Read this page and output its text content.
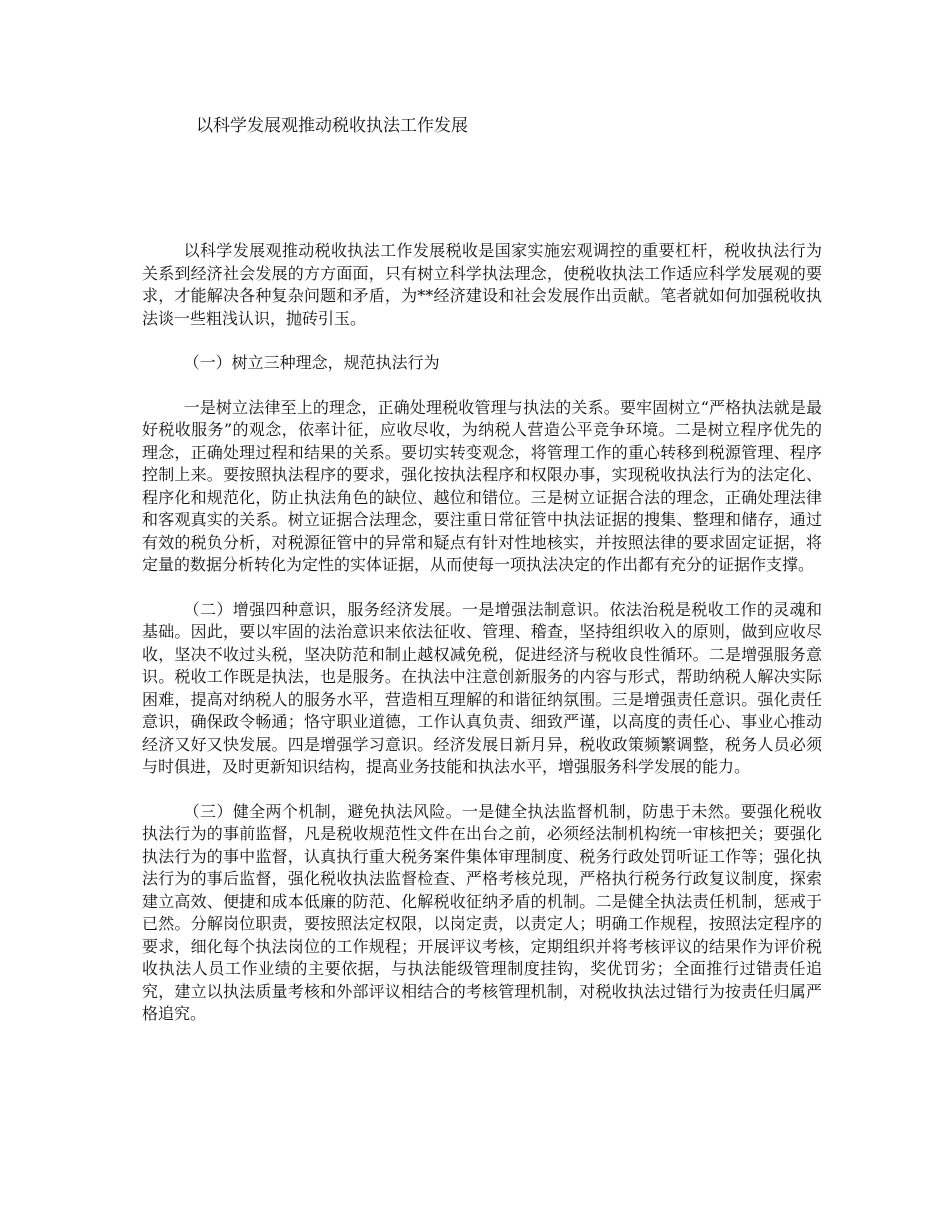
以科学发展观推动税收执法工作发展

以科学发展观推动税收执法工作发展税收是国家实施宏观调控的重要杠杆，税收执法行为关系到经济社会发展的方方面面，只有树立科学执法理念，使税收执法工作适应科学发展观的要求，才能解决各种复杂问题和矛盾，为**经济建设和社会发展作出贡献。笔者就如何加强税收执法谈一些粗浅认识，抛砖引玉。

（一）树立三种理念，规范执法行为

一是树立法律至上的理念，正确处理税收管理与执法的关系。要牢固树立“严格执法就是最好税收服务”的观念，依率计征，应收尽收，为纳税人营造公平竞争环境。二是树立程序优先的理念，正确处理过程和结果的关系。要切实转变观念，将管理工作的重心转移到税源管理、程序控制上来。要按照执法程序的要求，强化按执法程序和权限办事，实现税收执法行为的法定化、程序化和规范化，防止执法角色的缺位、越位和错位。三是树立证据合法的理念，正确处理法律和客观真实的关系。树立证据合法理念，要注重日常征管中执法证据的搜集、整理和储存，通过有效的税负分析，对税源征管中的异常和疑点有针对性地核实，并按照法律的要求固定证据，将定量的数据分析转化为定性的实体证据，从而使每一项执法决定的作出都有充分的证据作支撑。

（二）增强四种意识，服务经济发展。一是增强法制意识。依法治税是税收工作的灵魂和基础。因此，要以牢固的法治意识来依法征收、管理、稽查，坚持组织收入的原则，做到应收尽收，坚决不收过头税，坚决防范和制止越权减免税，促进经济与税收良性循环。二是增强服务意识。税收工作既是执法，也是服务。在执法中注意创新服务的内容与形式，帮助纳税人解决实际困难，提高对纳税人的服务水平，营造相互理解的和谐征纳氛围。三是增强责任意识。强化责任意识，确保政令畅通；恪守职业道德，工作认真负责、细致严谨，以高度的责任心、事业心推动经济又好又快发展。四是增强学习意识。经济发展日新月异，税收政策频繁调整，税务人员必须与时俱进，及时更新知识结构，提高业务技能和执法水平，增强服务科学发展的能力。

（三）健全两个机制，避免执法风险。一是健全执法监督机制，防患于未然。要强化税收执法行为的事前监督，凡是税收规范性文件在出台之前，必须经法制机构统一审核把关；要强化执法行为的事中监督，认真执行重大税务案件集体审理制度、税务行政处罚听证工作等；强化执法行为的事后监督，强化税收执法监督检查、严格考核兑现，严格执行税务行政复议制度，探索建立高效、便捷和成本低廉的防范、化解税收征纳矛盾的机制。二是健全执法责任机制，惩戒于已然。分解岗位职责，要按照法定权限，以岗定责，以责定人；明确工作规程，按照法定程序的要求，细化每个执法岗位的工作规程；开展评议考核，定期组织并将考核评议的结果作为评价税收执法人员工作业绩的主要依据，与执法能级管理制度挂钩，奖优罚劣；全面推行过错责任追究，建立以执法质量考核和外部评议相结合的考核管理机制，对税收执法过错行为按责任归属严格追究。
